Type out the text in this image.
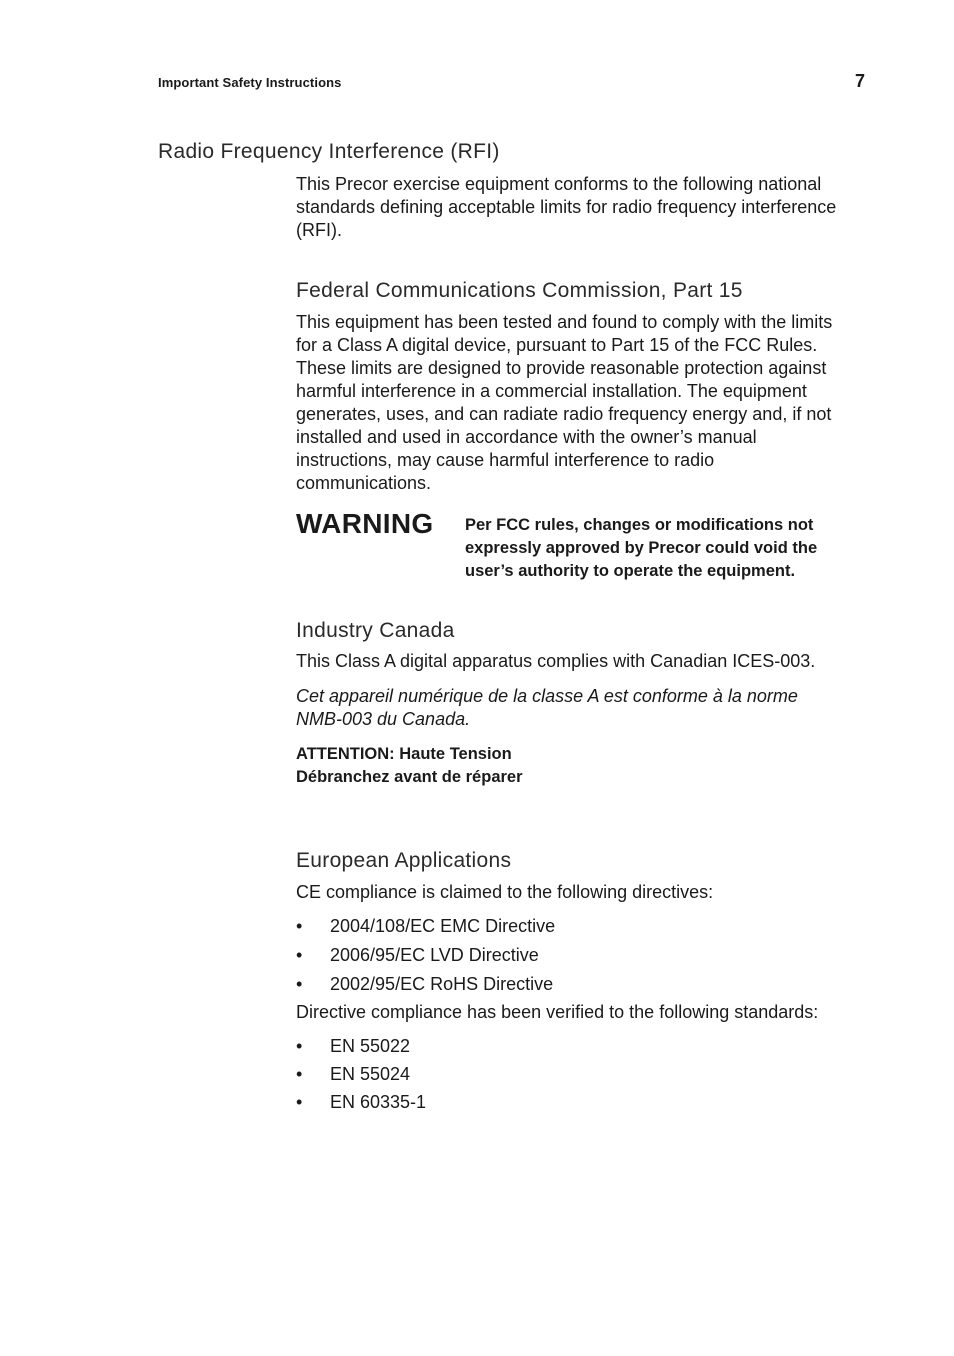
Important Safety Instructions	7
Radio Frequency Interference (RFI)

This Precor exercise equipment conforms to the following national standards defining acceptable limits for radio frequency interference (RFI).

Federal Communications Commission, Part 15

This equipment has been tested and found to comply with the limits for a Class A digital device, pursuant to Part 15 of the FCC Rules. These limits are designed to provide reasonable protection against harmful interference in a commercial installation. The equipment generates, uses, and can radiate radio frequency energy and, if not installed and used in accordance with the owner’s manual instructions, may cause harmful interference to radio communications.

WARNING Per FCC rules, changes or modifications not expressly approved by Precor could void the user’s authority to operate the equipment.
Industry Canada

This Class A digital apparatus complies with Canadian ICES-003.

Cet appareil numérique de la classe A est conforme à la norme NMB-003 du Canada.

ATTENTION: Haute Tension

Débranchez avant de réparer

European Applications

CE compliance is claimed to the following directives:

• 2004/108/EC EMC Directive
• 2006/95/EC LVD Directive
• 2002/95/EC RoHS Directive

Directive compliance has been verified to the following standards:

• EN 55022
• EN 55024
• EN 60335-1
